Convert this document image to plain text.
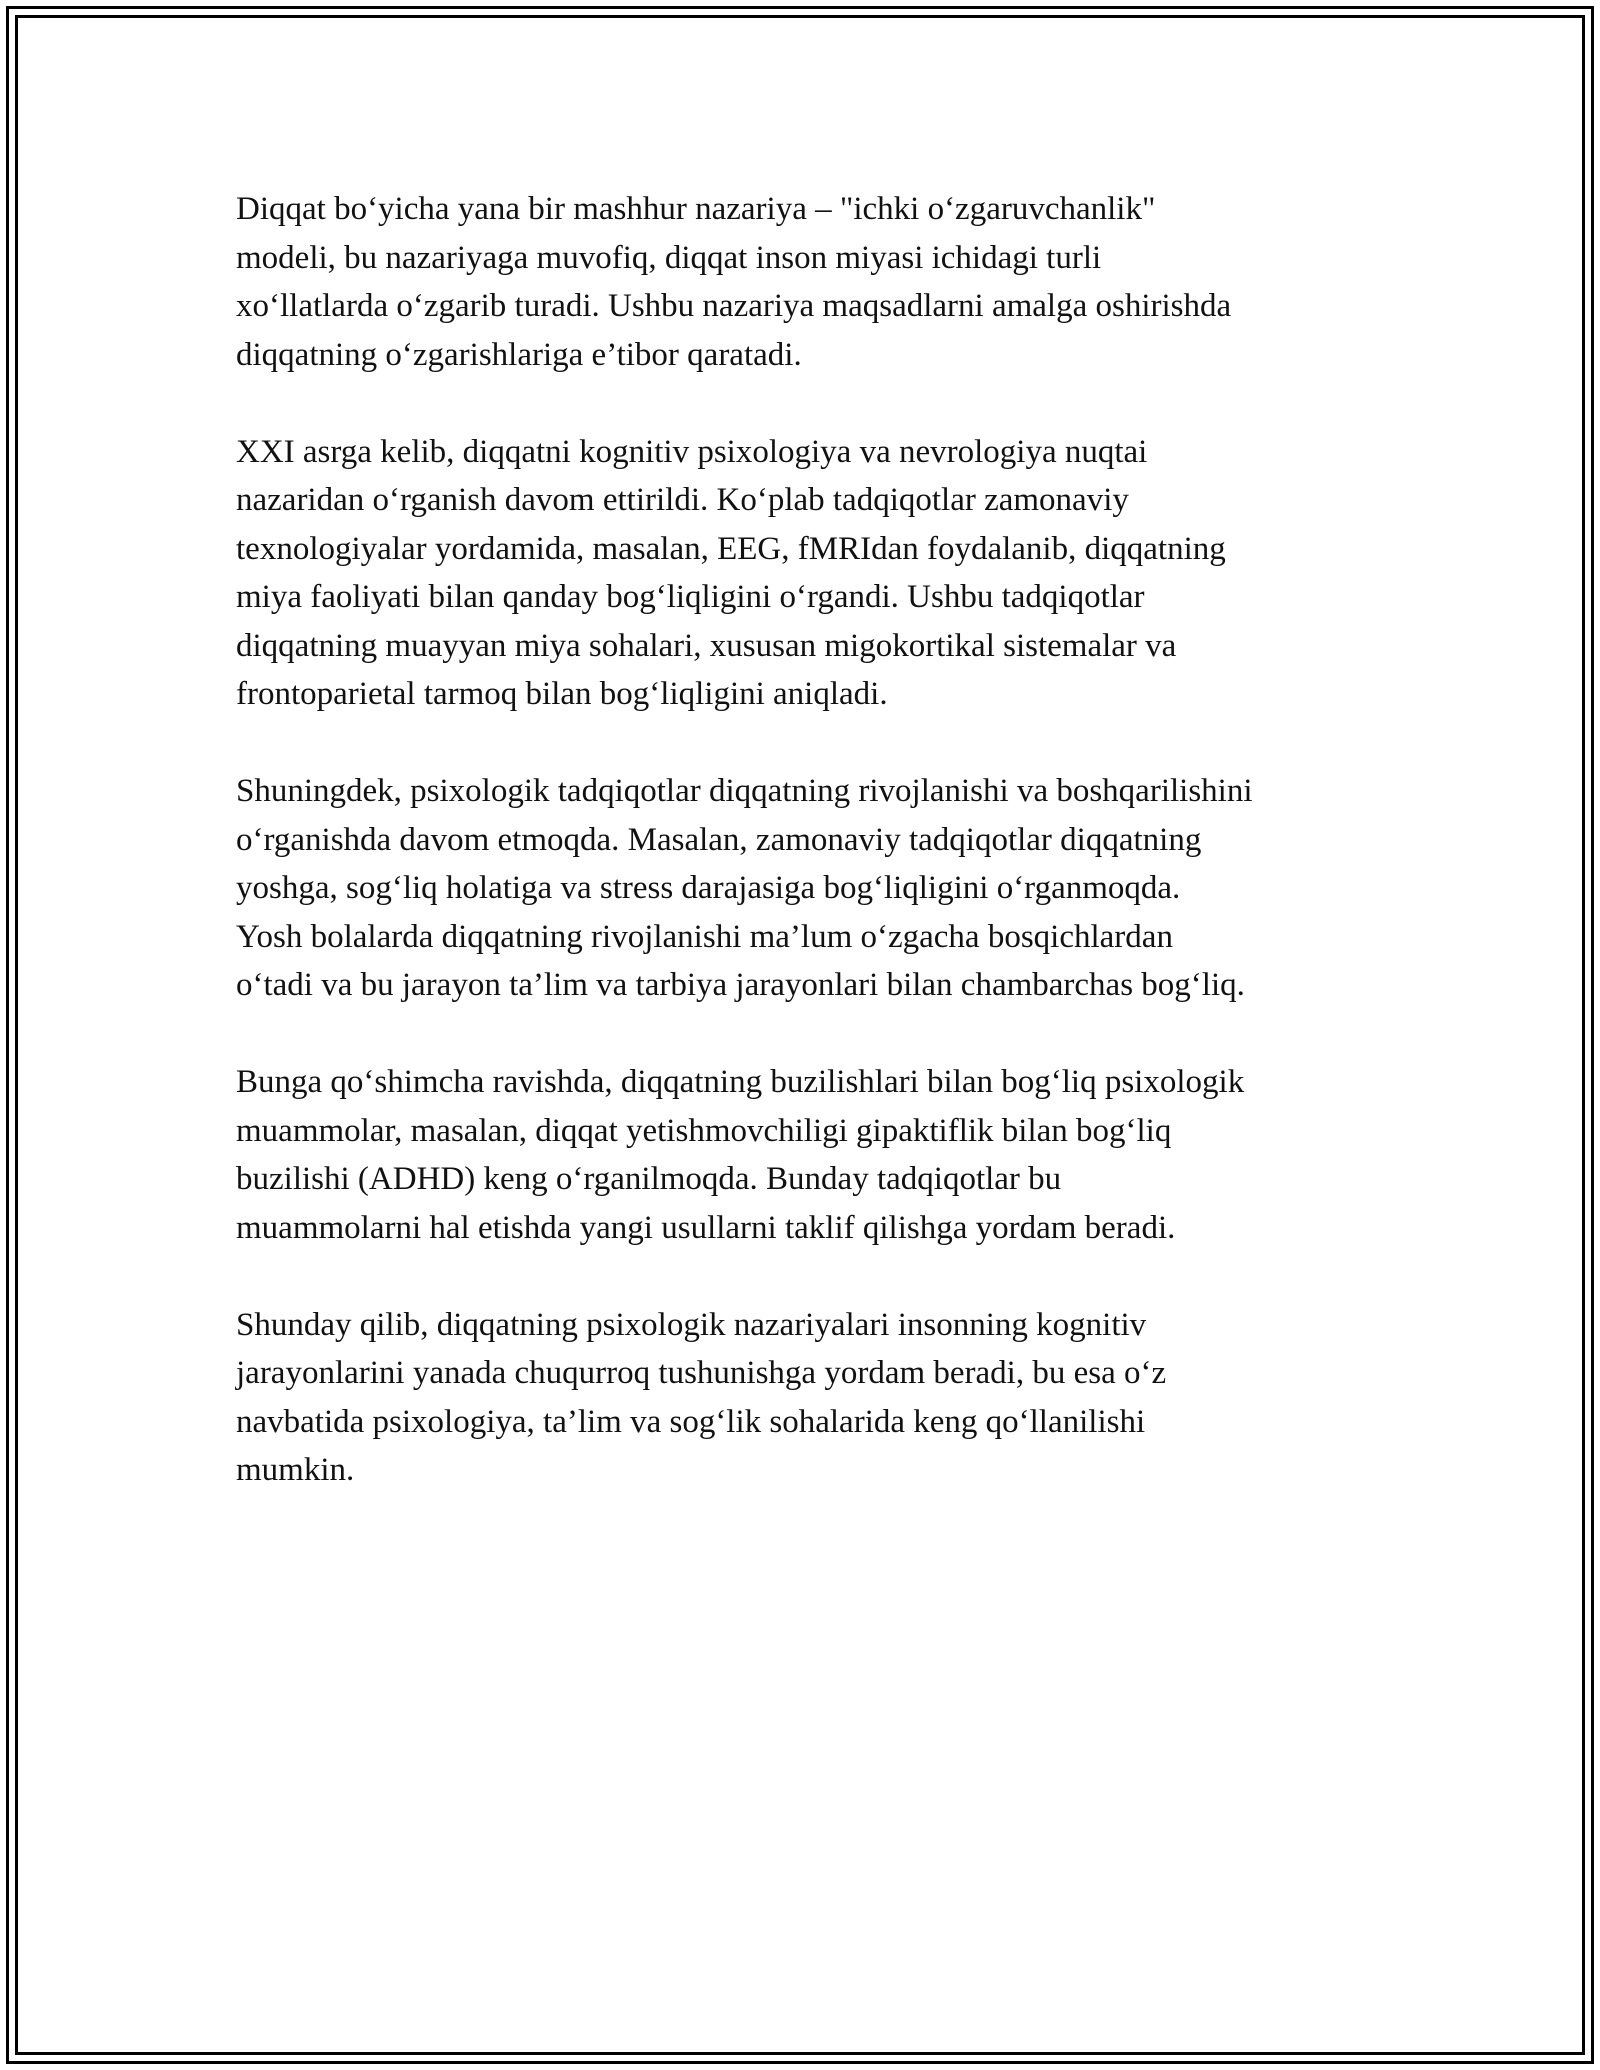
Diqqat bo‘yicha yana bir mashhur nazariya – "ichki o‘zgaruvchanlik"
modeli, bu nazariyaga muvofiq, diqqat inson miyasi ichidagi turli
xo‘llatlarda o‘zgarib turadi. Ushbu nazariya maqsadlarni amalga oshirishda
diqqatning o‘zgarishlariga e’tibor qaratadi.

XXI asrga kelib, diqqatni kognitiv psixologiya va nevrologiya nuqtai
nazaridan o‘rganish davom ettirildi. Ko‘plab tadqiqotlar zamonaviy
texnologiyalar yordamida, masalan, EEG, fMRIdan foydalanib, diqqatning
miya faoliyati bilan qanday bog‘liqligini o‘rgandi. Ushbu tadqiqotlar
diqqatning muayyan miya sohalari, xususan migokortikal sistemalar va
frontoparietal tarmoq bilan bog‘liqligini aniqladi.

Shuningdek, psixologik tadqiqotlar diqqatning rivojlanishi va boshqarilishini
o‘rganishda davom etmoqda. Masalan, zamonaviy tadqiqotlar diqqatning
yoshga, sog‘liq holatiga va stress darajasiga bog‘liqligini o‘rganmoqda.
Yosh bolalarda diqqatning rivojlanishi ma’lum o‘zgacha bosqichlardan
o‘tadi va bu jarayon ta’lim va tarbiya jarayonlari bilan chambarchas bog‘liq.

Bunga qo‘shimcha ravishda, diqqatning buzilishlari bilan bog‘liq psixologik
muammolar, masalan, diqqat yetishmovchiligi gipaktiflik bilan bog‘liq
buzilishi (ADHD) keng o‘rganilmoqda. Bunday tadqiqotlar bu
muammolarni hal etishda yangi usullarni taklif qilishga yordam beradi.

Shunday qilib, diqqatning psixologik nazariyalari insonning kognitiv
jarayonlarini yanada chuqurroq tushunishga yordam beradi, bu esa o‘z
navbatida psixologiya, ta’lim va sog‘lik sohalarida keng qo‘llanilishi
mumkin.
